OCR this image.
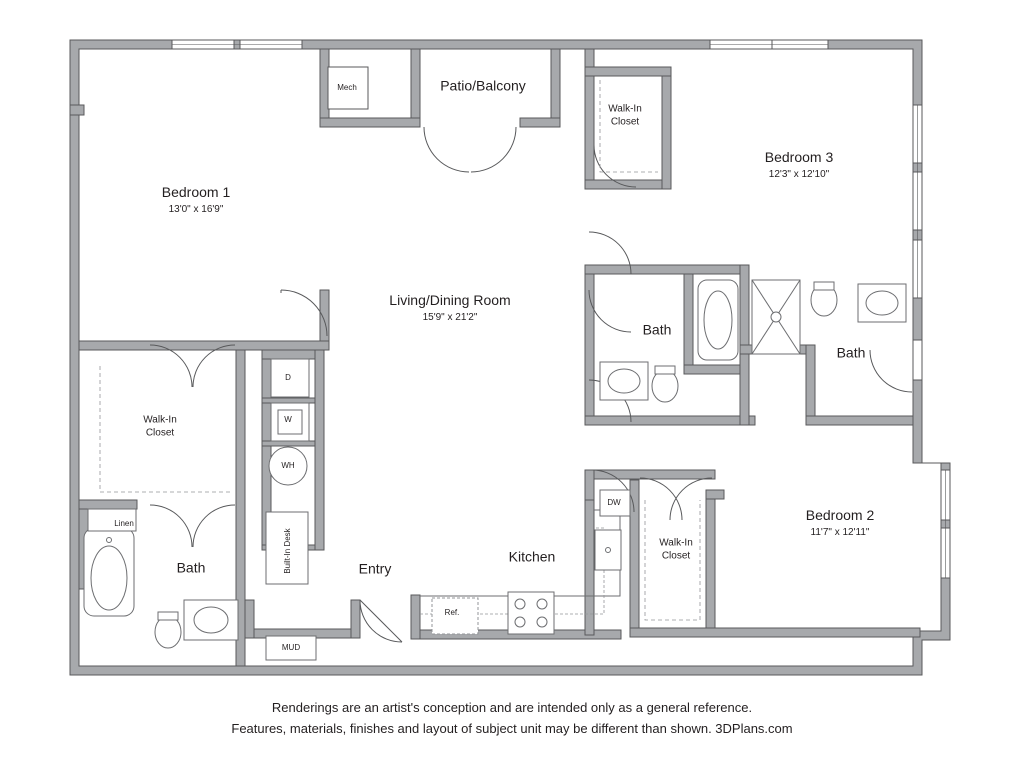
Bedroom 1
13'0" x 16'9"
Bedroom 3
12'3" x 12'10"
Bedroom 2
11'7" x 12'11"
Living/Dining Room
15'9" x 21'2"
Patio/Balcony
Kitchen
Entry
Bath
Bath
Bath
Walk-In
Closet
Walk-In
Closet
Walk-In
Closet
Mech
D
W
WH
Linen
MUD
DW
Ref.
Built-In Desk
Renderings are an artist's conception and are intended only as a general reference.
Features, materials, finishes and layout of subject unit may be different than shown. 3DPlans.com
